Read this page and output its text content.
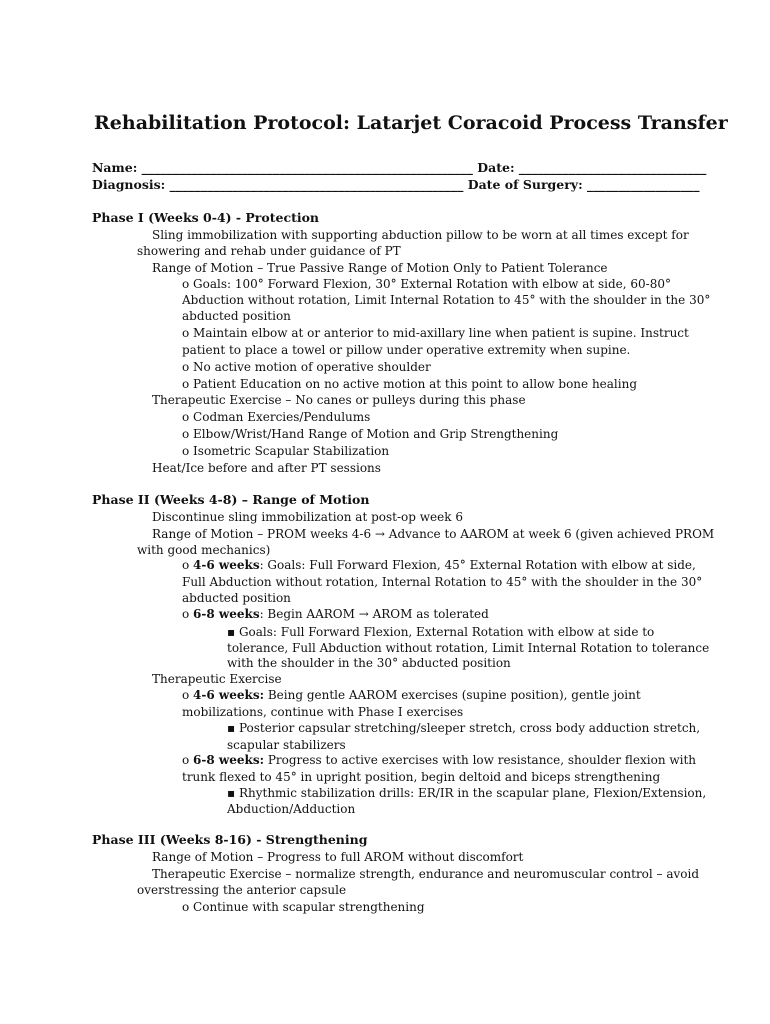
Rehabilitation Protocol: Latarjet Coracoid Process Transfer
Name: _____________________________________________________ Date: ______________________________
Diagnosis: _______________________________________________ Date of Surgery: __________________
Phase I (Weeks 0-4) - Protection
Sling immobilization with supporting abduction pillow to be worn at all times except for
showering and rehab under guidance of PT
Range of Motion – True Passive Range of Motion Only to Patient Tolerance
o Goals: 100° Forward Flexion, 30° External Rotation with elbow at side, 60-80°
Abduction without rotation, Limit Internal Rotation to 45° with the shoulder in the 30°
abducted position
o Maintain elbow at or anterior to mid-axillary line when patient is supine. Instruct
patient to place a towel or pillow under operative extremity when supine.
o No active motion of operative shoulder
o Patient Education on no active motion at this point to allow bone healing
Therapeutic Exercise – No canes or pulleys during this phase
o Codman Exercies/Pendulums
o Elbow/Wrist/Hand Range of Motion and Grip Strengthening
o Isometric Scapular Stabilization
Heat/Ice before and after PT sessions
Phase II (Weeks 4-8) – Range of Motion
Discontinue sling immobilization at post-op week 6
Range of Motion – PROM weeks 4-6 → Advance to AAROM at week 6 (given achieved PROM
with good mechanics)
o 4-6 weeks: Goals: Full Forward Flexion, 45° External Rotation with elbow at side,
Full Abduction without rotation, Internal Rotation to 45° with the shoulder in the 30°
abducted position
o 6-8 weeks: Begin AAROM → AROM as tolerated
▪ Goals: Full Forward Flexion, External Rotation with elbow at side to
tolerance, Full Abduction without rotation, Limit Internal Rotation to tolerance
with the shoulder in the 30° abducted position
Therapeutic Exercise
o 4-6 weeks: Being gentle AAROM exercises (supine position), gentle joint
mobilizations, continue with Phase I exercises
▪ Posterior capsular stretching/sleeper stretch, cross body adduction stretch,
scapular stabilizers
o 6-8 weeks: Progress to active exercises with low resistance, shoulder flexion with
trunk flexed to 45° in upright position, begin deltoid and biceps strengthening
▪ Rhythmic stabilization drills: ER/IR in the scapular plane, Flexion/Extension,
Abduction/Adduction
Phase III (Weeks 8-16) - Strengthening
Range of Motion – Progress to full AROM without discomfort
Therapeutic Exercise – normalize strength, endurance and neuromuscular control – avoid
overstressing the anterior capsule
o Continue with scapular strengthening
